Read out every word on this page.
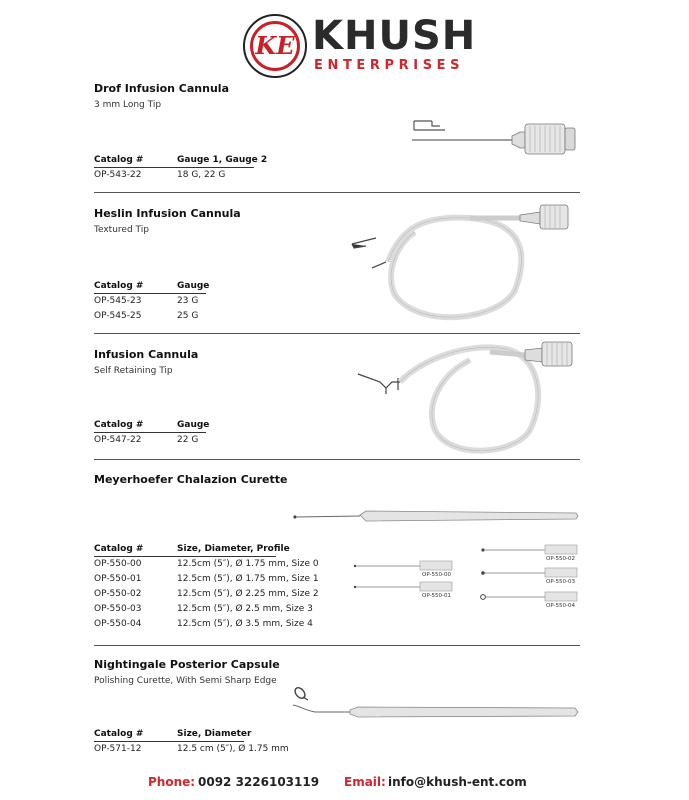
KE KHUSH
ENTERPRISES
Drof Infusion Cannula
3 mm Long Tip
Catalog #	Gauge 1, Gauge 2
OP-543-22	18 G, 22 G
Heslin Infusion Cannula
Textured Tip
Catalog #	Gauge
OP-545-23	23 G
OP-545-25	25 G
Infusion Cannula
Self Retaining Tip
Catalog #	Gauge
OP-547-22	22 G
Meyerhoefer Chalazion Curette
Catalog #	Size, Diameter, Profile
OP-550-00	12.5cm (5″), Ø 1.75 mm, Size 0
OP-550-01	12.5cm (5″), Ø 1.75 mm, Size 1
OP-550-02	12.5cm (5″), Ø 2.25 mm, Size 2
OP-550-03	12.5cm (5″), Ø 2.5 mm, Size 3
OP-550-04	12.5cm (5″), Ø 3.5 mm, Size 4
OP-550-00
OP-550-01
OP-550-02
OP-550-03
OP-550-04
Nightingale Posterior Capsule
Polishing Curette, With Semi Sharp Edge
Catalog #	Size, Diameter
OP-571-12	12.5 cm (5″), Ø 1.75 mm
Phone: 0092 3226103119 Email: info@khush-ent.com
